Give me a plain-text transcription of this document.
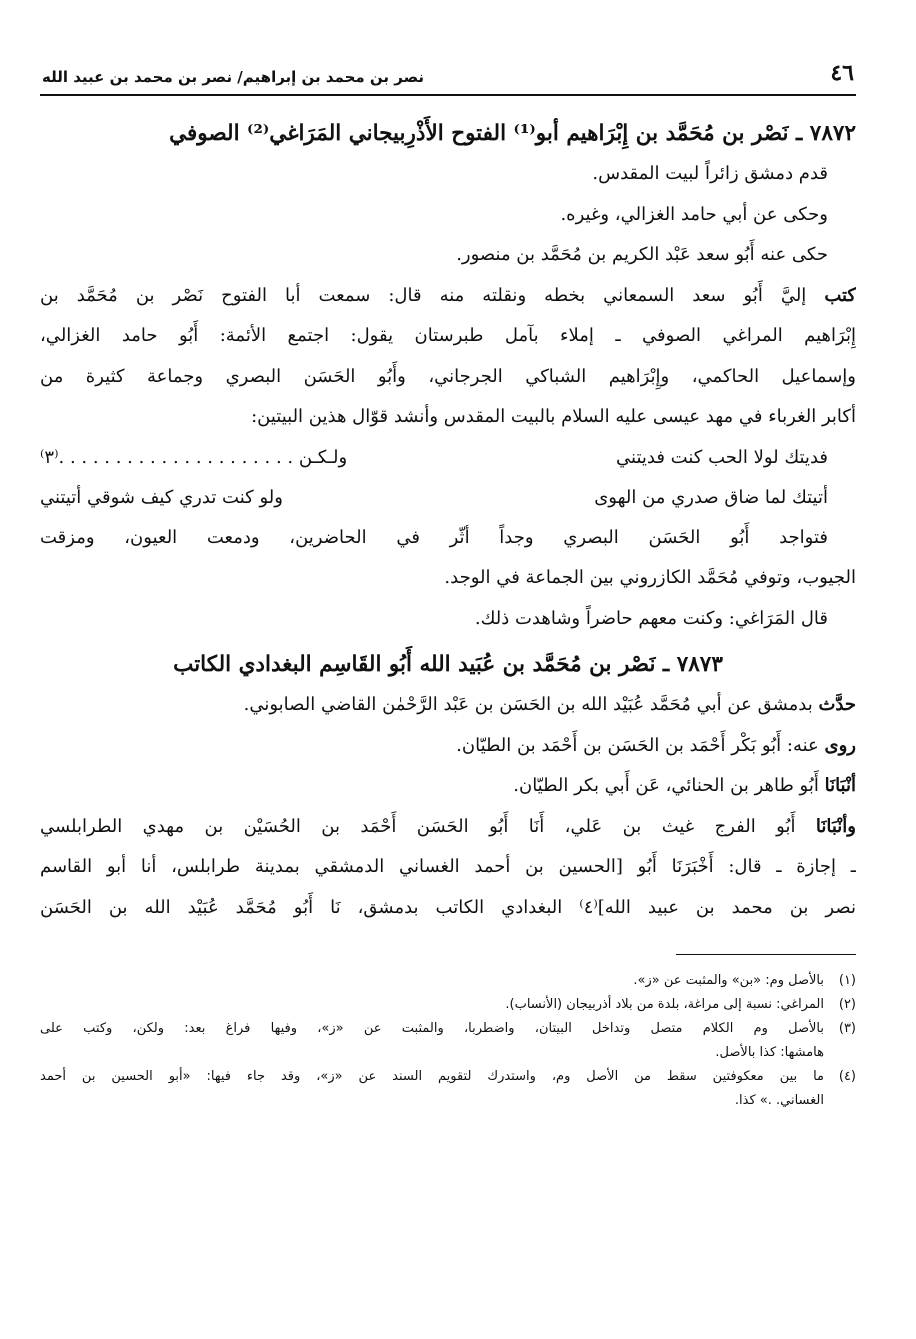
٤٦
نصر بن محمد بن إبراهيم/ نصر بن محمد بن عبيد الله
٧٨٧٢ ـ نَصْر بن مُحَمَّد بن إِبْرَاهيم أبو⁽¹⁾ الفتوح الأَذْرِبيجاني المَرَاغي⁽²⁾ الصوفي
قدم دمشق زائراً لبيت المقدس.
وحكى عن أبي حامد الغزالي، وغيره.
حكى عنه أَبُو سعد عَبْد الكريم بن مُحَمَّد بن منصور.
كتب إليَّ أَبُو سعد السمعاني بخطه ونقلته منه قال: سمعت أبا الفتوح نَصْر بن مُحَمَّد بن
إِبْرَاهيم المراغي الصوفي ـ إملاء بآمل طبرستان يقول: اجتمع الأئمة: أَبُو حامد الغزالي،
وإسماعيل الحاكمي، وإِبْرَاهيم الشباكي الجرجاني، وأَبُو الحَسَن البصري وجماعة كثيرة من
أكابر الغرباء في مهد عيسى عليه السلام بالبيت المقدس وأنشد قوّال هذين البيتين:
فديتك لولا الحب كنت فديتني
ولـكـن . . . . . . . . . . . . . . . . . . . . .⁽٣⁾
أتيتك لما ضاق صدري من الهوى
ولو كنت تدري كيف شوقي أتيتني
فتواجد أَبُو الحَسَن البصري وجداً أثّر في الحاضرين، ودمعت العيون، ومزقت
الجيوب، وتوفي مُحَمَّد الكازروني بين الجماعة في الوجد.
قال المَرَاغي: وكنت معهم حاضراً وشاهدت ذلك.
٧٨٧٣ ـ نَصْر بن مُحَمَّد بن عُبَيد الله أَبُو القَاسِم البغدادي الكاتب
حدَّث بدمشق عن أبي مُحَمَّد عُبَيْد الله بن الحَسَن بن عَبْد الرَّحْمٰن القاضي الصابوني.
روى عنه: أَبُو بَكْر أَحْمَد بن الحَسَن بن أَحْمَد بن الطيّان.
أنْبَانَا أَبُو طاهر بن الحنائي، عَن أَبي بكر الطيّان.
وأنْبَانَا أَبُو الفرج غيث بن عَلي، أَنَا أَبُو الحَسَن أَحْمَد بن الحُسَيْن بن مهدي الطرابلسي
ـ إجازة ـ قال: أَخْبَرَنَا أَبُو [الحسين بن أحمد الغساني الدمشقي بمدينة طرابلس، أنا أبو القاسم
نصر بن محمد بن عبيد الله]⁽٤⁾ البغدادي الكاتب بدمشق، نَا أَبُو مُحَمَّد عُبَيْد الله بن الحَسَن
(١)
بالأصل وم: «بن» والمثبت عن «ز».
(٢)
المراغي: نسبة إلى مراغة، بلدة من بلاد أذربيجان (الأنساب).
(٣)
بالأصل وم الكلام متصل وتداخل البيتان، واضطربا، والمثبت عن «ز»، وفيها فراغ بعد: ولكن، وكتب على
هامشها: كذا بالأصل.
(٤)
ما بين معكوفتين سقط من الأصل وم، واستدرك لتقويم السند عن «ز»، وقد جاء فيها: «أبو الحسين بن أحمد
الغساني. .» كذا.
